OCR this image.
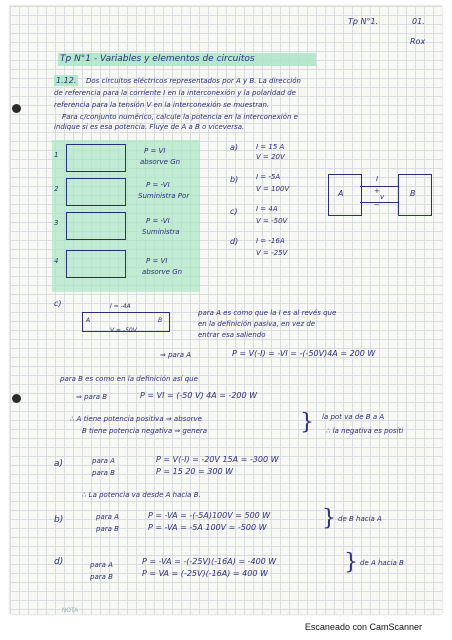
Tp N°1.	01.
Rox
Tp N°1 - Variables y elementos de circuitos
1.12. Dos circuitos eléctricos representados por A y B. La dirección
de referencia para la corriente I en la interconexión y la polaridad de
referencia para la tensión V en la interconexión se muestran.
Para c/conjunto numérico, calcule la potencia en la interconexión e
indique si es esa potencia. Fluye de A a B o viceversa.
1	P = VI
absorve Gn
2	P = -VI
Suministra Por
3	P = -VI
Suministra
4	P = VI
absorve Gn
a)	I = 15 A
V = 20V
b)	I = -5A
V = 100V
c)	I = 4A
V = -50V
d)	I = -16A
V = -25V
A	B
I
+
v
−
c)	I = -4A
A	B
V = -50V
para A es como que la I es al revés que
en la definición pasiva, en vez de
entrar esa saliendo
⇒ para A	P = V(-I) = -VI = -(-50V)4A = 200 W
para B es como en la definición así que
⇒ para B	P = VI = (-50 V) 4A = -200 W
∴ A tiene potencia positiva ⇒ absorve
B tiene potencia negativa ⇒ genera	} la pot va de B a A
∴ la negativa es positi
a)	para A	P = V(-I) = -20V 15A = -300 W
para B	P = 15 20 = 300 W
∴ La potencia va desde A hacia B.
b)	para A	P = -VA = -(-5A)100V = 500 W
para B	P = -VA = -5A 100V = -500 W	} de B hacia A
d)	para A	P = -VA = -(-25V)(-16A) = -400 W
para B	P = VA = (-25V)(-16A) = 400 W	} de A hacia B
NOTA
Escaneado con CamScanner
